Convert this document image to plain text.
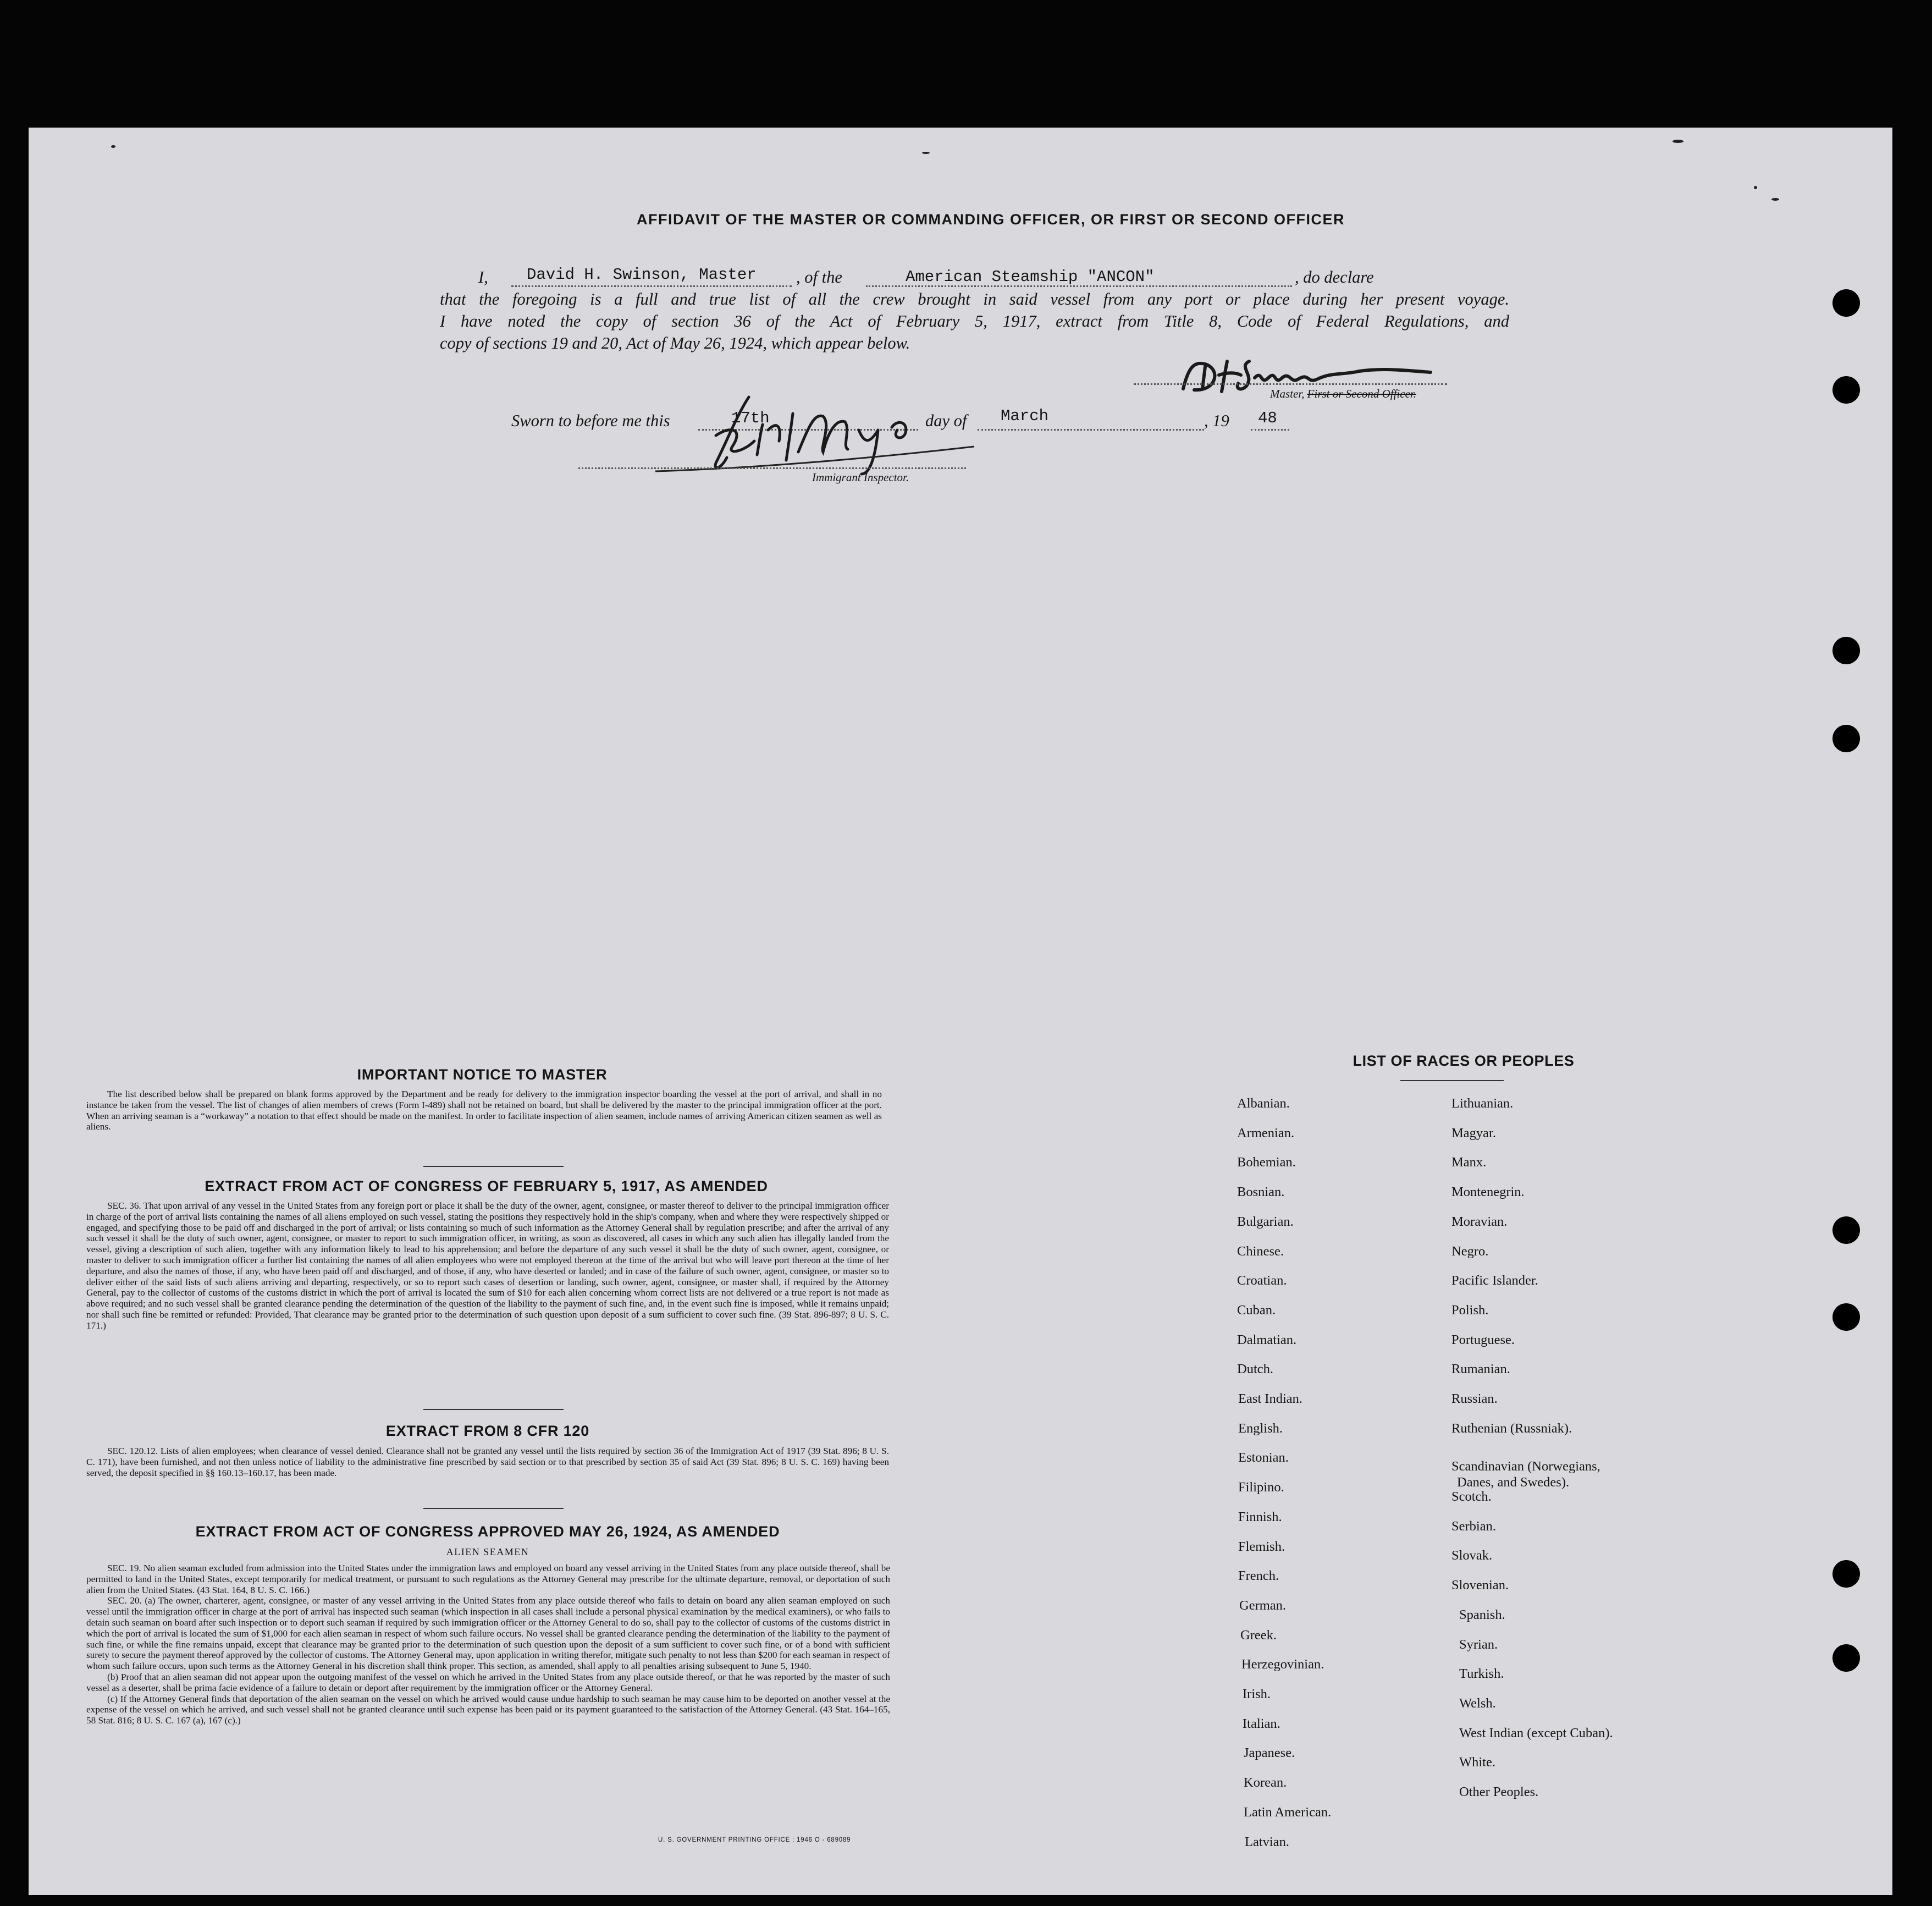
AFFIDAVIT OF THE MASTER OR COMMANDING OFFICER, OR FIRST OR SECOND OFFICER
I, David H. Swinson, Master , of the	American Steamship "ANCON"	, do declare
that the foregoing is a full and true list of all the crew brought in said vessel from any port or place during her present voyage.
I have noted the copy of section 36 of the Act of February 5, 1917, extract from Title 8, Code of Federal Regulations, and
copy of sections 19 and 20, Act of May 26, 1924, which appear below.
Master, First or Second Officer.
Sworn to before me this	17th	day of March	, 19 48
Immigrant Inspector.
IMPORTANT NOTICE TO MASTER

The list described below shall be prepared on blank forms approved by the Department and be ready for delivery to the immigration inspector boarding the vessel at the port of arrival, and shall in no instance be taken from the vessel. The list of changes of alien members of crews (Form I-489) shall not be retained on board, but shall be delivered by the master to the principal immigration officer at the port. When an arriving seaman is a “workaway” a notation to that effect should be made on the manifest. In order to facilitate inspection of alien seamen, include names of arriving American citizen seamen as well as aliens.

EXTRACT FROM ACT OF CONGRESS OF FEBRUARY 5, 1917, AS AMENDED

SEC. 36. That upon arrival of any vessel in the United States from any foreign port or place it shall be the duty of the owner, agent, consignee, or master thereof to deliver to the principal immigration officer in charge of the port of arrival lists containing the names of all aliens employed on such vessel, stating the positions they respectively hold in the ship's company, when and where they were respectively shipped or engaged, and specifying those to be paid off and discharged in the port of arrival; or lists containing so much of such information as the Attorney General shall by regulation prescribe; and after the arrival of any such vessel it shall be the duty of such owner, agent, consignee, or master to report to such immigration officer, in writing, as soon as discovered, all cases in which any such alien has illegally landed from the vessel, giving a description of such alien, together with any information likely to lead to his apprehension; and before the departure of any such vessel it shall be the duty of such owner, agent, consignee, or master to deliver to such immigration officer a further list containing the names of all alien employees who were not employed thereon at the time of the arrival but who will leave port thereon at the time of her departure, and also the names of those, if any, who have been paid off and discharged, and of those, if any, who have deserted or landed; and in case of the failure of such owner, agent, consignee, or master so to deliver either of the said lists of such aliens arriving and departing, respectively, or so to report such cases of desertion or landing, such owner, agent, consignee, or master shall, if required by the Attorney General, pay to the collector of customs of the customs district in which the port of arrival is located the sum of $10 for each alien concerning whom correct lists are not delivered or a true report is not made as above required; and no such vessel shall be granted clearance pending the determination of the question of the liability to the payment of such fine, and, in the event such fine is imposed, while it remains unpaid; nor shall such fine be remitted or refunded: Provided, That clearance may be granted prior to the determination of such question upon deposit of a sum sufficient to cover such fine. (39 Stat. 896-897; 8 U. S. C. 171.)

EXTRACT FROM 8 CFR 120

SEC. 120.12. Lists of alien employees; when clearance of vessel denied. Clearance shall not be granted any vessel until the lists required by section 36 of the Immigration Act of 1917 (39 Stat. 896; 8 U. S. C. 171), have been furnished, and not then unless notice of liability to the administrative fine prescribed by said section or to that prescribed by section 35 of said Act (39 Stat. 896; 8 U. S. C. 169) having been served, the deposit specified in §§ 160.13–160.17, has been made.

EXTRACT FROM ACT OF CONGRESS APPROVED MAY 26, 1924, AS AMENDED
ALIEN SEAMEN

SEC. 19. No alien seaman excluded from admission into the United States under the immigration laws and employed on board any vessel arriving in the United States from any place outside thereof, shall be permitted to land in the United States, except temporarily for medical treatment, or pursuant to such regulations as the Attorney General may prescribe for the ultimate departure, removal, or deportation of such alien from the United States. (43 Stat. 164, 8 U. S. C. 166.)

SEC. 20. (a) The owner, charterer, agent, consignee, or master of any vessel arriving in the United States from any place outside thereof who fails to detain on board any alien seaman employed on such vessel until the immigration officer in charge at the port of arrival has inspected such seaman (which inspection in all cases shall include a personal physical examination by the medical examiners), or who fails to detain such seaman on board after such inspection or to deport such seaman if required by such immigration officer or the Attorney General to do so, shall pay to the collector of customs of the customs district in which the port of arrival is located the sum of $1,000 for each alien seaman in respect of whom such failure occurs. No vessel shall be granted clearance pending the determination of the liability to the payment of such fine, or while the fine remains unpaid, except that clearance may be granted prior to the determination of such question upon the deposit of a sum sufficient to cover such fine, or of a bond with sufficient surety to secure the payment thereof approved by the collector of customs. The Attorney General may, upon application in writing therefor, mitigate such penalty to not less than $200 for each seaman in respect of whom such failure occurs, upon such terms as the Attorney General in his discretion shall think proper. This section, as amended, shall apply to all penalties arising subsequent to June 5, 1940.

(b) Proof that an alien seaman did not appear upon the outgoing manifest of the vessel on which he arrived in the United States from any place outside thereof, or that he was reported by the master of such vessel as a deserter, shall be prima facie evidence of a failure to detain or deport after requirement by the immigration officer or the Attorney General.

(c) If the Attorney General finds that deportation of the alien seaman on the vessel on which he arrived would cause undue hardship to such seaman he may cause him to be deported on another vessel at the expense of the vessel on which he arrived, and such vessel shall not be granted clearance until such expense has been paid or its payment guaranteed to the satisfaction of the Attorney General. (43 Stat. 164–165, 58 Stat. 816; 8 U. S. C. 167 (a), 167 (c).)

U. S. GOVERNMENT PRINTING OFFICE : 1946 O - 689089
LIST OF RACES OR PEOPLES
Albanian.
Armenian.
Bohemian.
Bosnian.
Bulgarian.
Chinese.
Croatian.
Cuban.
Dalmatian.
Dutch.
East Indian.
English.
Estonian.
Filipino.
Finnish.
Flemish.
French.
German.
Greek.
Herzegovinian.
Irish.
Italian.
Japanese.
Korean.
Latin American.
Latvian.
Lithuanian.
Magyar.
Manx.
Montenegrin.
Moravian.
Negro.
Pacific Islander.
Polish.
Portuguese.
Rumanian.
Russian.
Ruthenian (Russniak).
Scandinavian (Norwegians,
Danes, and Swedes).
Scotch.
Serbian.
Slovak.
Slovenian.
Spanish.
Syrian.
Turkish.
Welsh.
West Indian (except Cuban).
White.
Other Peoples.
